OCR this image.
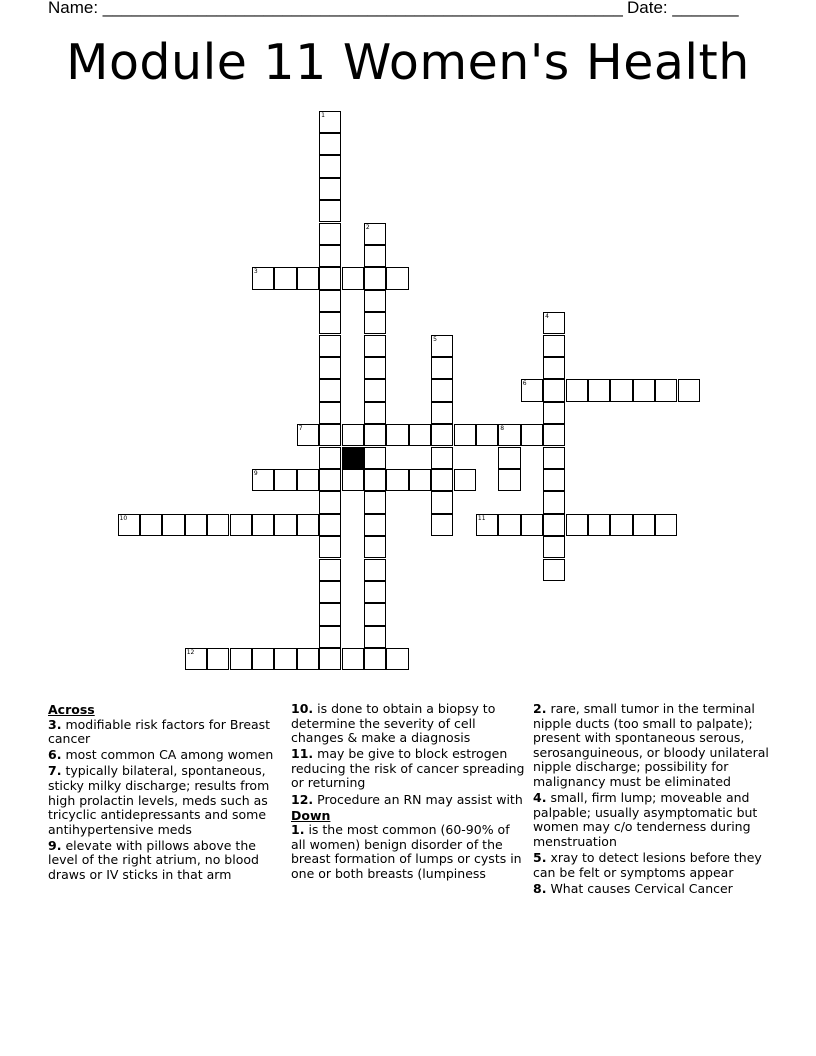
Name: _______________________________________________________ Date: _______
Module 11 Women's Health
3
6
7	8
9
10	11
12
1
2
4
5
Across
3. modifiable risk factors for Breast cancer
6. most common CA among women
7. typically bilateral, spontaneous, sticky milky discharge; results from high prolactin levels, meds such as tricyclic antidepressants and some antihypertensive meds
9. elevate with pillows above the level of the right atrium, no blood draws or IV sticks in that arm
10. is done to obtain a biopsy to determine the severity of cell changes & make a diagnosis
11. may be give to block estrogen reducing the risk of cancer spreading or returning
12. Procedure an RN may assist with
Down
1. is the most common (60-90% of all women) benign disorder of the breast formation of lumps or cysts in one or both breasts (lumpiness
2. rare, small tumor in the terminal nipple ducts (too small to palpate); present with spontaneous serous, serosanguineous, or bloody unilateral nipple discharge; possibility for malignancy must be eliminated
4. small, firm lump; moveable and palpable; usually asymptomatic but women may c/o tenderness during menstruation
5. xray to detect lesions before they can be felt or symptoms appear
8. What causes Cervical Cancer
